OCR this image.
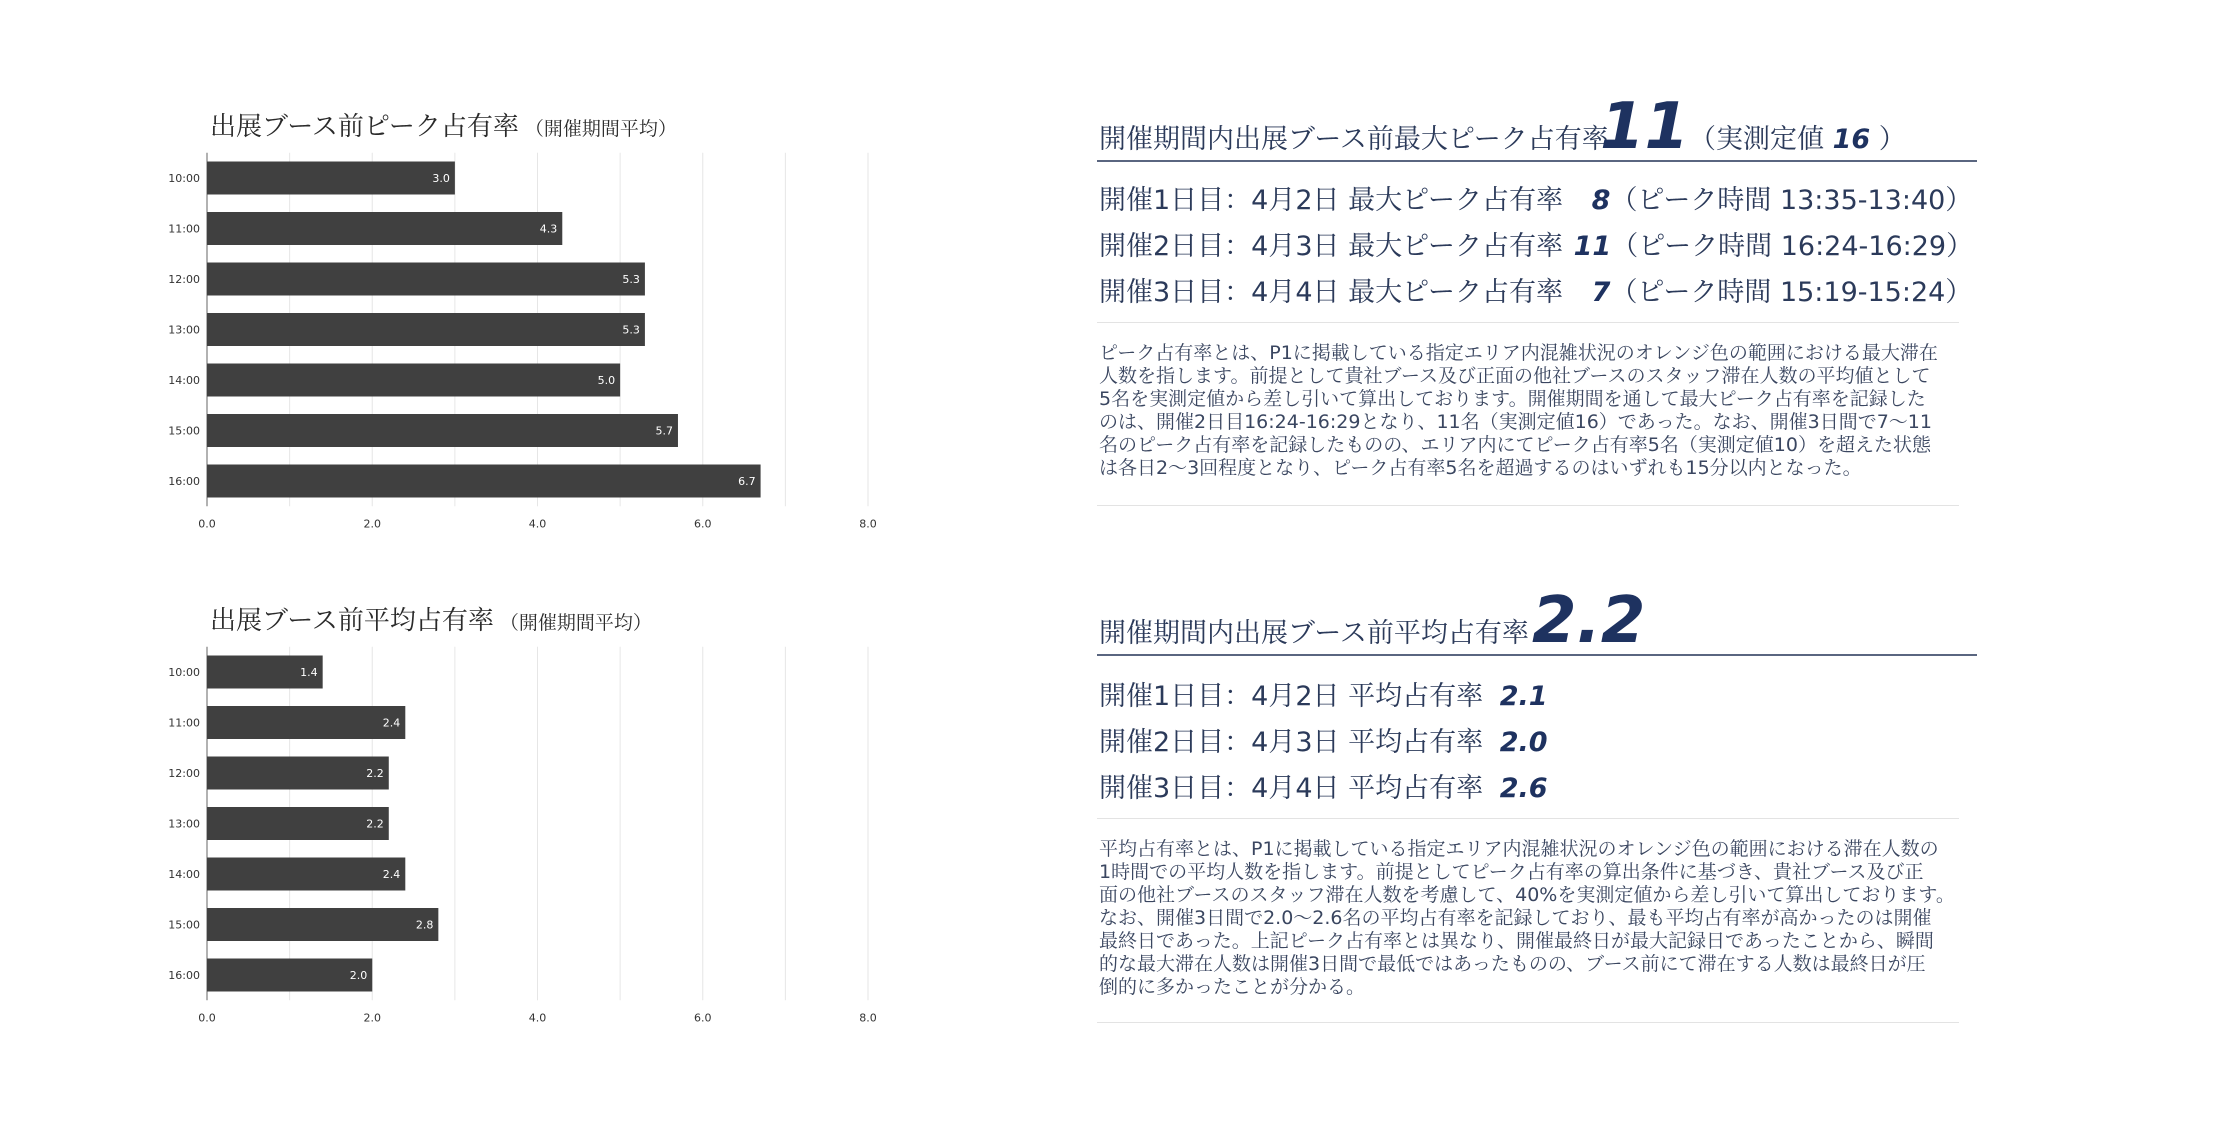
出展ブース前ピーク占有率 （開催期間平均）
10:00	3.0
11:00	4.3
12:00	5.3
13:00	5.3
14:00	5.0
15:00	5.7
16:00	6.7
0.0	2.0	4.0	6.0	8.0
出展ブース前平均占有率 （開催期間平均）
10:00	1.4
11:00	2.4
12:00	2.2
13:00	2.2
14:00	2.4
15:00	2.8
16:00	2.0
0.0	2.0	4.0	6.0	8.0
開催期間内出展ブース前最大ピーク占有率
11 （実測定値 16 ）
開催1日目：4月2日 最大ピーク占有率 8（ピーク時間 13:35-13:40）
開催2日目：4月3日 最大ピーク占有率 11（ピーク時間 16:24-16:29）
開催3日目：4月4日 最大ピーク占有率 7（ピーク時間 15:19-15:24）
ピーク占有率とは、P1に掲載している指定エリア内混雑状況のオレンジ色の範囲における最大滞在
人数を指します。前提として貴社ブース及び正面の他社ブースのスタッフ滞在人数の平均値として
5名を実測定値から差し引いて算出しております。開催期間を通して最大ピーク占有率を記録した
のは、開催2日目16:24-16:29となり、11名（実測定値16）であった。なお、開催3日間で7～11
名のピーク占有率を記録したものの、エリア内にてピーク占有率5名（実測定値10）を超えた状態
は各日2～3回程度となり、ピーク占有率5名を超過するのはいずれも15分以内となった。
開催期間内出展ブース前平均占有率 2.2
開催1日目：4月2日 平均占有率 2.1
開催2日目：4月3日 平均占有率 2.0
開催3日目：4月4日 平均占有率 2.6
平均占有率とは、P1に掲載している指定エリア内混雑状況のオレンジ色の範囲における滞在人数の
1時間での平均人数を指します。前提としてピーク占有率の算出条件に基づき、貴社ブース及び正
面の他社ブースのスタッフ滞在人数を考慮して、40%を実測定値から差し引いて算出しております。
なお、開催3日間で2.0～2.6名の平均占有率を記録しており、最も平均占有率が高かったのは開催
最終日であった。上記ピーク占有率とは異なり、開催最終日が最大記録日であったことから、瞬間
的な最大滞在人数は開催3日間で最低ではあったものの、ブース前にて滞在する人数は最終日が圧
倒的に多かったことが分かる。
